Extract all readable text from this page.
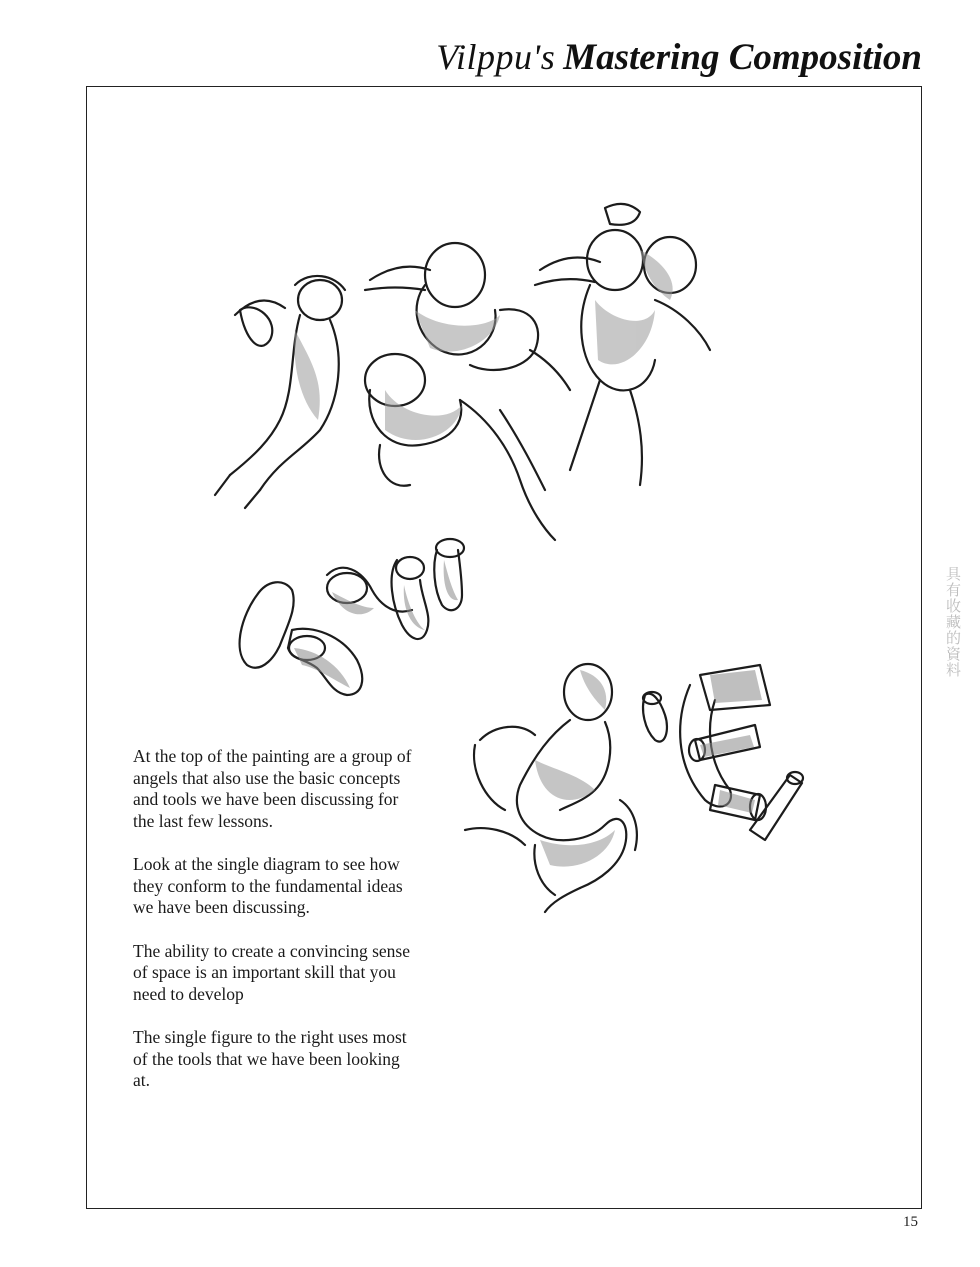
Vilppu's Mastering Composition

At the top of the painting are a group of angels that also use the basic concepts and tools we have been discussing for the last few lessons.

Look at the single diagram to see how they conform to the fundamental ideas we have been discussing.

The ability to create a convincing sense of space is an important skill that you need to develop

The single figure to the right uses most of the tools that we have been looking at.

15
具有收藏的資料
